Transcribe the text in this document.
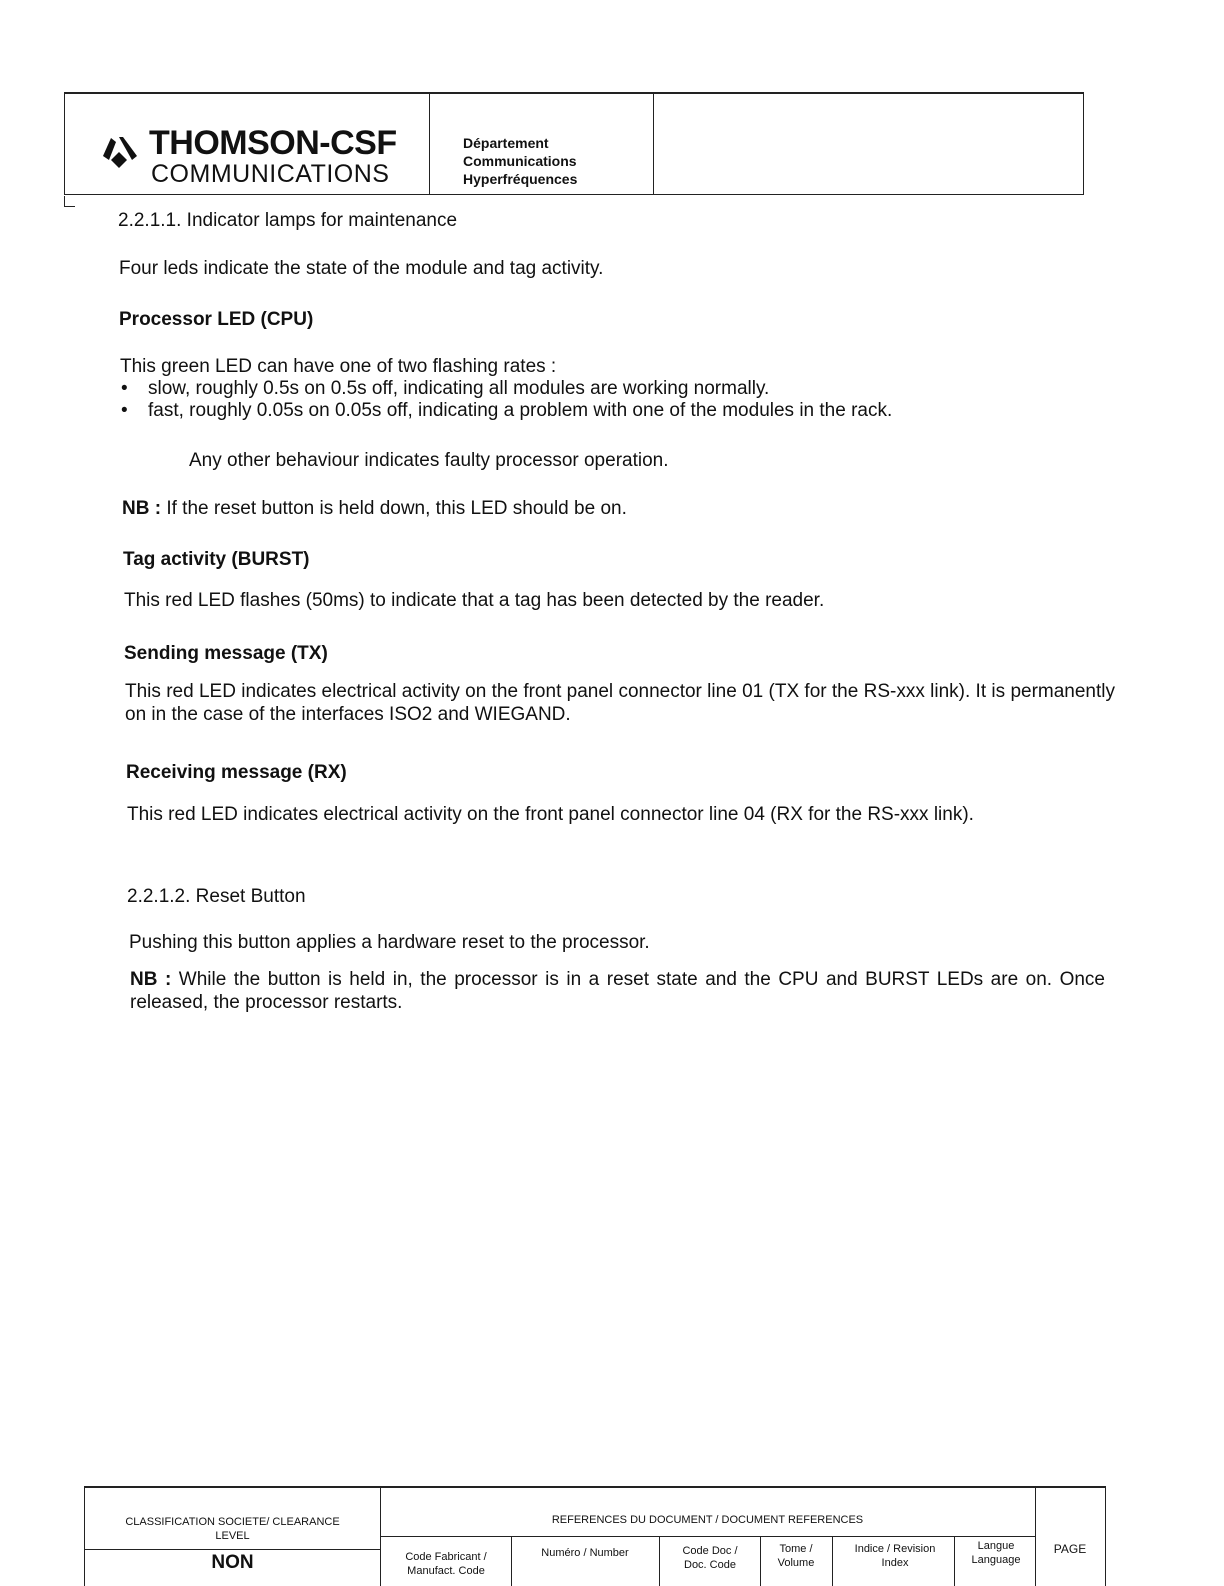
THOMSON-CSF
COMMUNICATIONS
Département
Communications
Hyperfréquences
2.2.1.1. Indicator lamps for maintenance
Four leds indicate the state of the module and tag activity.
Processor LED (CPU)
This green LED can have one of two flashing rates :
• slow, roughly 0.5s on 0.5s off, indicating all modules are working normally.
• fast, roughly 0.05s on 0.05s off, indicating a problem with one of the modules in the rack.
Any other behaviour indicates faulty processor operation.
NB : If the reset button is held down, this LED should be on.
Tag activity (BURST)
This red LED flashes (50ms) to indicate that a tag has been detected by the reader.
Sending message (TX)
This red LED indicates electrical activity on the front panel connector line 01 (TX for the RS-xxx link). It is permanently on in the case of the interfaces ISO2 and WIEGAND.
Receiving message (RX)
This red LED indicates electrical activity on the front panel connector line 04 (RX for the RS-xxx link).
2.2.1.2. Reset Button
Pushing this button applies a hardware reset to the processor.
NB : While the button is held in, the processor is in a reset state and the CPU and BURST LEDs are on. Once released, the processor restarts.
CLASSIFICATION SOCIETE/ CLEARANCE LEVEL
NON
REFERENCES DU DOCUMENT / DOCUMENT REFERENCES
Code Fabricant / Manufact. Code
Numéro / Number	Code Doc / Doc. Code
Tome / Volume
Indice / Revision Index
Langue Language
PAGE
